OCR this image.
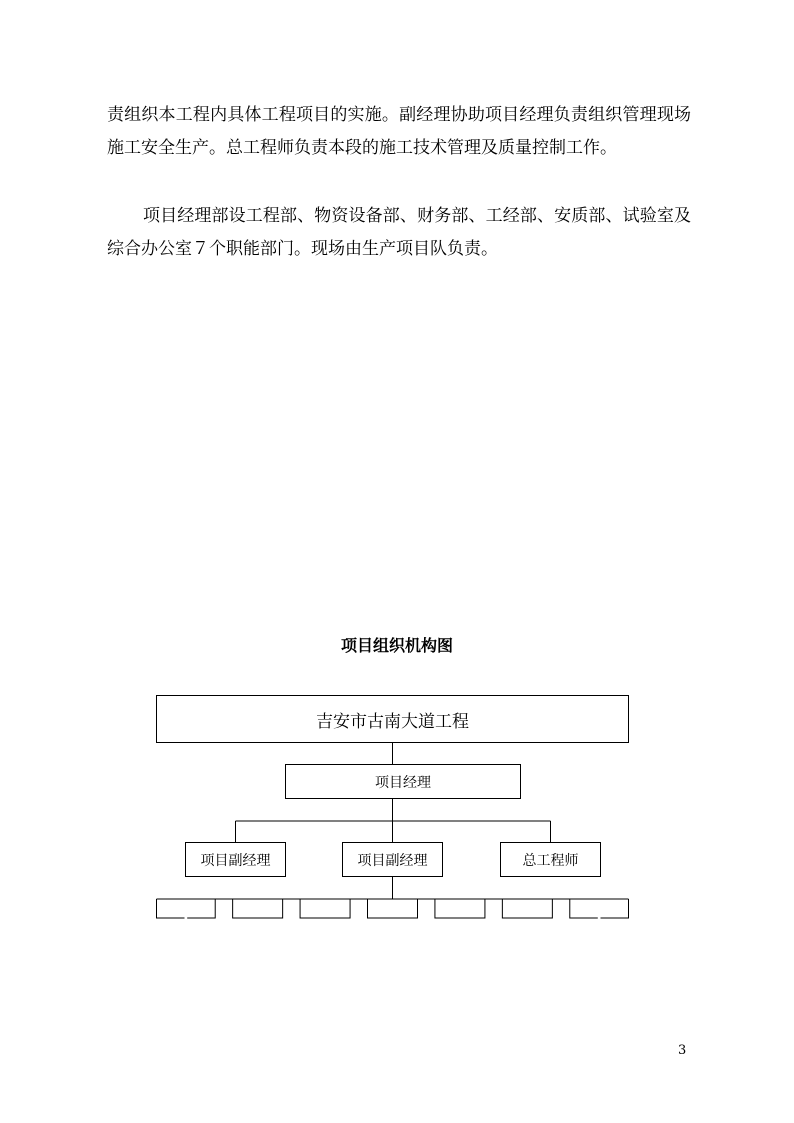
责组织本工程内具体工程项目的实施。副经理协助项目经理负责组织管理现场施工安全生产。总工程师负责本段的施工技术管理及质量控制工作。

项目经理部设工程部、物资设备部、财务部、工经部、安质部、试验室及综合办公室７个职能部门。现场由生产项目队负责。

项目组织机构图

吉安市古南大道工程
项目经理
项目副经理	项目副经理	总工程师

3
